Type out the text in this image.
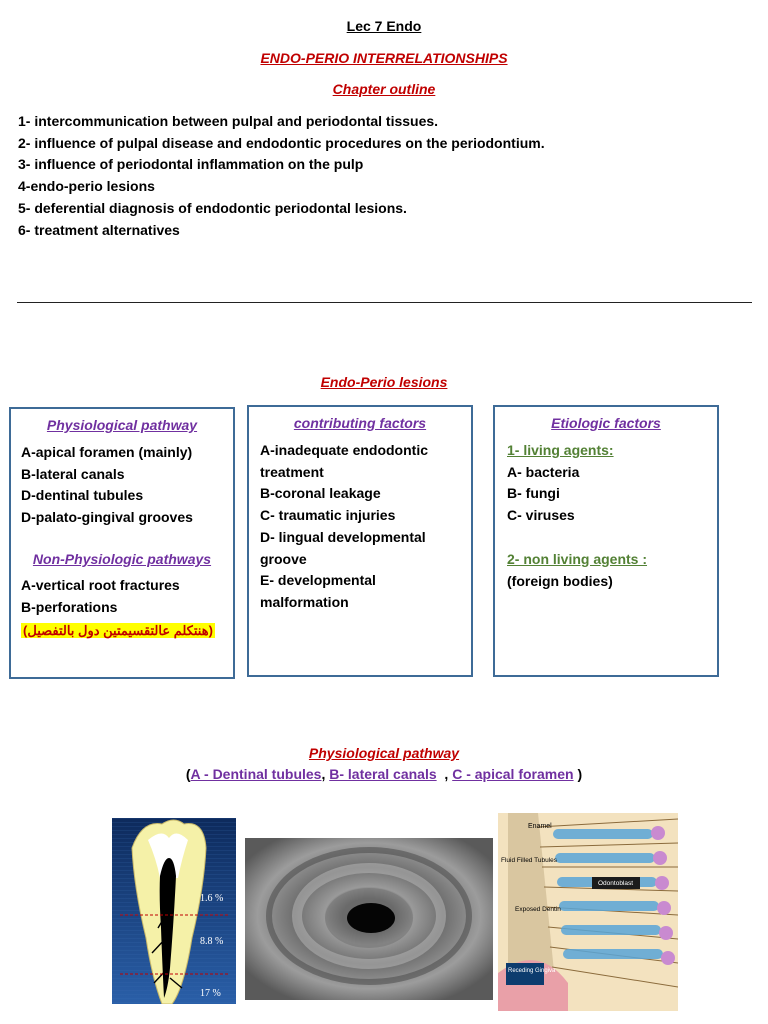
Lec 7 Endo
ENDO-PERIO INTERRELATIONSHIPS
Chapter outline
1- intercommunication between pulpal and periodontal tissues.
2- influence of pulpal disease and endodontic procedures on the periodontium.
3- influence of periodontal inflammation on the pulp
4-endo-perio lesions
5- deferential diagnosis of endodontic periodontal lesions.
6- treatment alternatives
Endo-Perio lesions
Physiological pathway
A-apical foramen (mainly)
B-lateral canals
D-dentinal tubules
D-palato-gingival grooves
Non-Physiologic pathways
A-vertical root fractures
B-perforations
(هنتكلم عالتقسيمتين دول بالتفصيل)
contributing factors
A-inadequate endodontic
treatment
B-coronal leakage
C- traumatic injuries
D- lingual developmental
groove
E- developmental
malformation
Etiologic factors
1- living agents:
A- bacteria
B- fungi
C- viruses
2- non living agents :
(foreign bodies)
Physiological pathway
(A - Dentinal tubules, B- lateral canals  , C - apical foramen )
1.6 %
8.8 %
17 %
Enamel
Fluid Filled Tubules
Odontoblast
Exposed Dentin
Receding Gingiva
